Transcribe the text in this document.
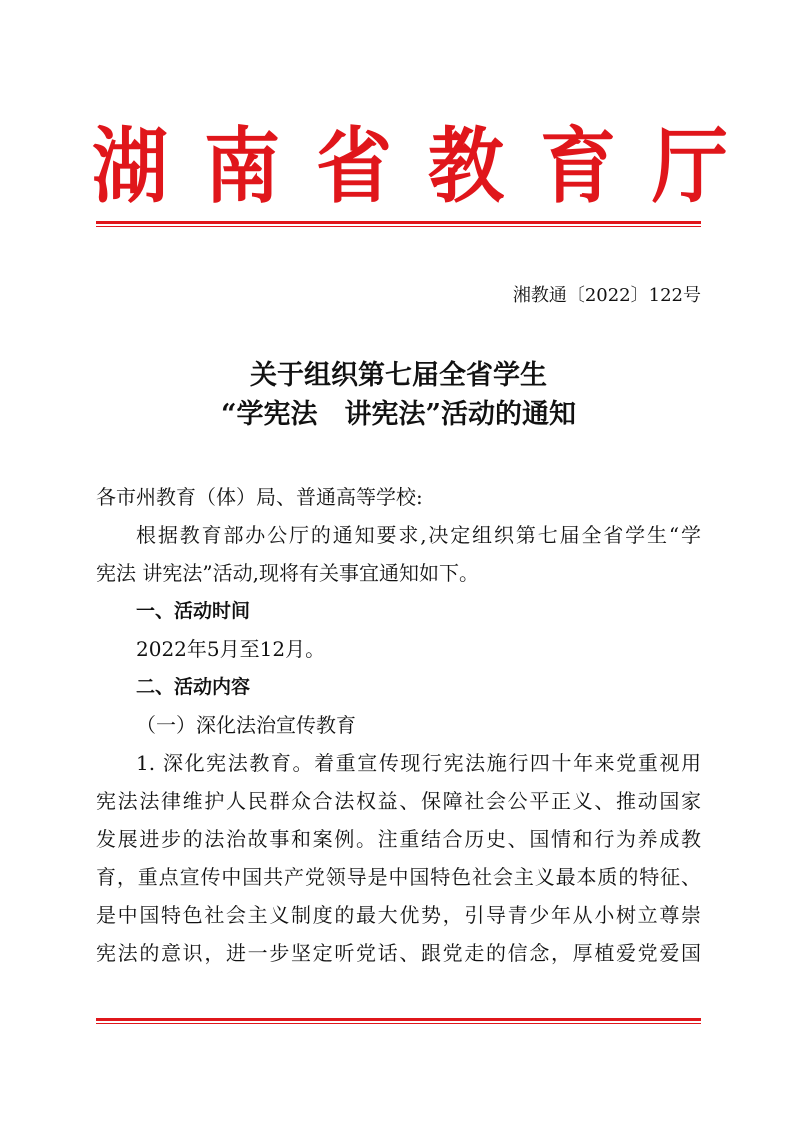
湖南省教育厅
湘教通〔2022〕122号
关于组织第七届全省学生
“学宪法　讲宪法”活动的通知
各市州教育（体）局、普通高等学校:
根据教育部办公厅的通知要求,决定组织第七届全省学生“学
宪法 讲宪法”活动,现将有关事宜通知如下。
一、活动时间
2022年5月至12月。
二、活动内容
（一）深化法治宣传教育
1. 深化宪法教育。着重宣传现行宪法施行四十年来党重视用
宪法法律维护人民群众合法权益、保障社会公平正义、推动国家
发展进步的法治故事和案例。注重结合历史、国情和行为养成教
育，重点宣传中国共产党领导是中国特色社会主义最本质的特征、
是中国特色社会主义制度的最大优势，引导青少年从小树立尊崇
宪法的意识，进一步坚定听党话、跟党走的信念，厚植爱党爱国
